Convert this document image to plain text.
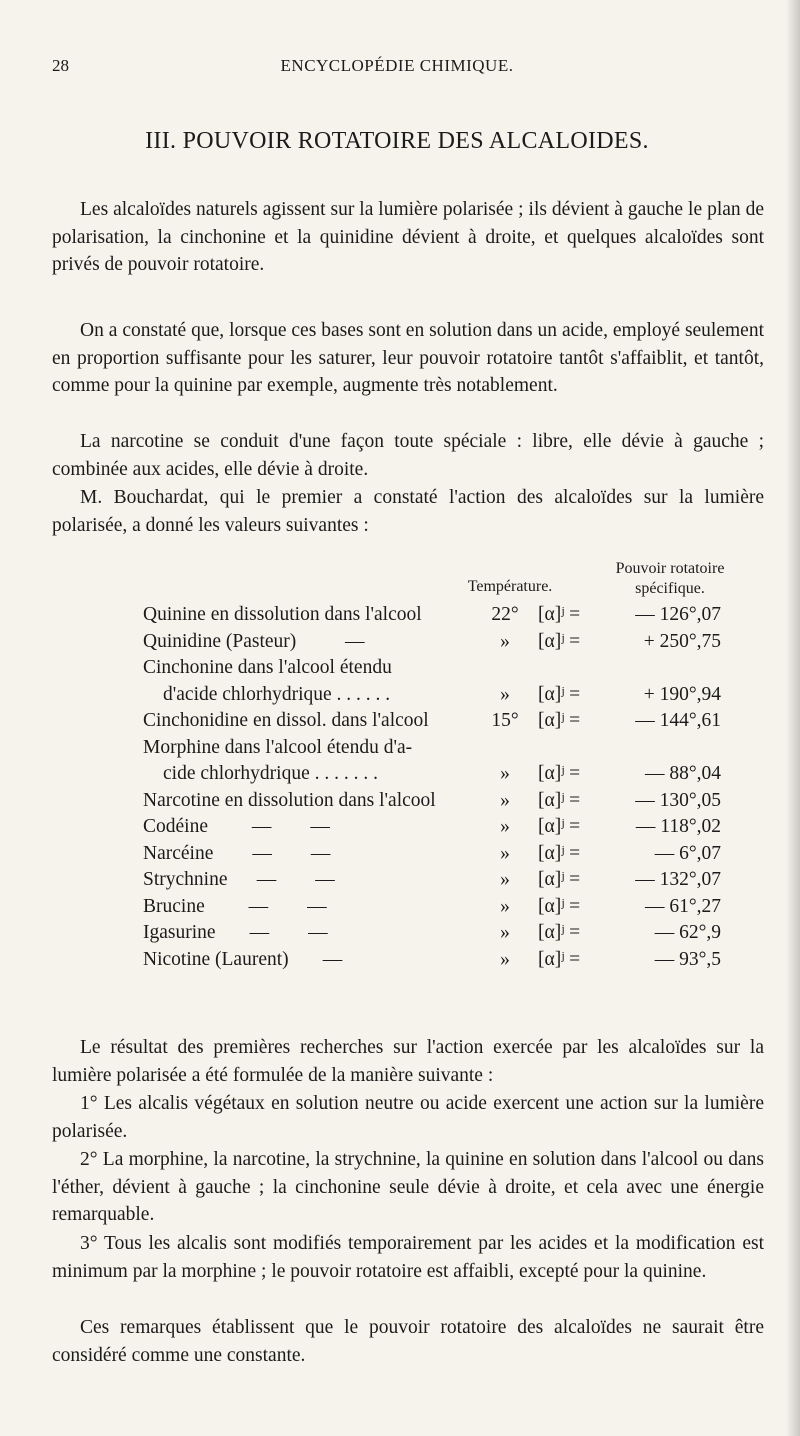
28	ENCYCLOPÉDIE CHIMIQUE.
III. POUVOIR ROTATOIRE DES ALCALOIDES.

Les alcaloïdes naturels agissent sur la lumière polarisée ; ils dévient à gauche le plan de polarisation, la cinchonine et la quinidine dévient à droite, et quelques alcaloïdes sont privés de pouvoir rotatoire.

On a constaté que, lorsque ces bases sont en solution dans un acide, employé seulement en proportion suffisante pour les saturer, leur pouvoir rotatoire tantôt s'affaiblit, et tantôt, comme pour la quinine par exemple, augmente très notablement.

La narcotine se conduit d'une façon toute spéciale : libre, elle dévie à gauche ; combinée aux acides, elle dévie à droite.

M. Bouchardat, qui le premier a constaté l'action des alcaloïdes sur la lumière polarisée, a donné les valeurs suivantes :

Température.
Pouvoir rotatoire
spécifique.
Quinine en dissolution dans l'alcool	22° [α]ʲ =	— 126°,07
Quinidine (Pasteur)          —	»	[α]ʲ =	+ 250°,75
Cinchonine dans l'alcool étendu
d'acide chlorhydrique . . . . . .	»	[α]ʲ =	+ 190°,94
Cinchonidine en dissol. dans l'alcool	15° [α]ʲ =	— 144°,61
Morphine dans l'alcool étendu d'a-
cide chlorhydrique . . . . . . .	»	[α]ʲ =	— 88°,04
Narcotine en dissolution dans l'alcool	»	[α]ʲ =	— 130°,05
Codéine         —        —	»	[α]ʲ =	— 118°,02
Narcéine        —        —	»	[α]ʲ =	— 6°,07
Strychnine      —        —	»	[α]ʲ =	— 132°,07
Brucine         —        —	»	[α]ʲ =	— 61°,27
Igasurine       —        —	»	[α]ʲ =	— 62°,9
Nicotine (Laurent)       —	»	[α]ʲ =	— 93°,5

Le résultat des premières recherches sur l'action exercée par les alcaloïdes sur la lumière polarisée a été formulée de la manière suivante :

1° Les alcalis végétaux en solution neutre ou acide exercent une action sur la lumière polarisée.

2° La morphine, la narcotine, la strychnine, la quinine en solution dans l'alcool ou dans l'éther, dévient à gauche ; la cinchonine seule dévie à droite, et cela avec une énergie remarquable.

3° Tous les alcalis sont modifiés temporairement par les acides et la modification est minimum par la morphine ; le pouvoir rotatoire est affaibli, excepté pour la quinine.

Ces remarques établissent que le pouvoir rotatoire des alcaloïdes ne saurait être considéré comme une constante.
